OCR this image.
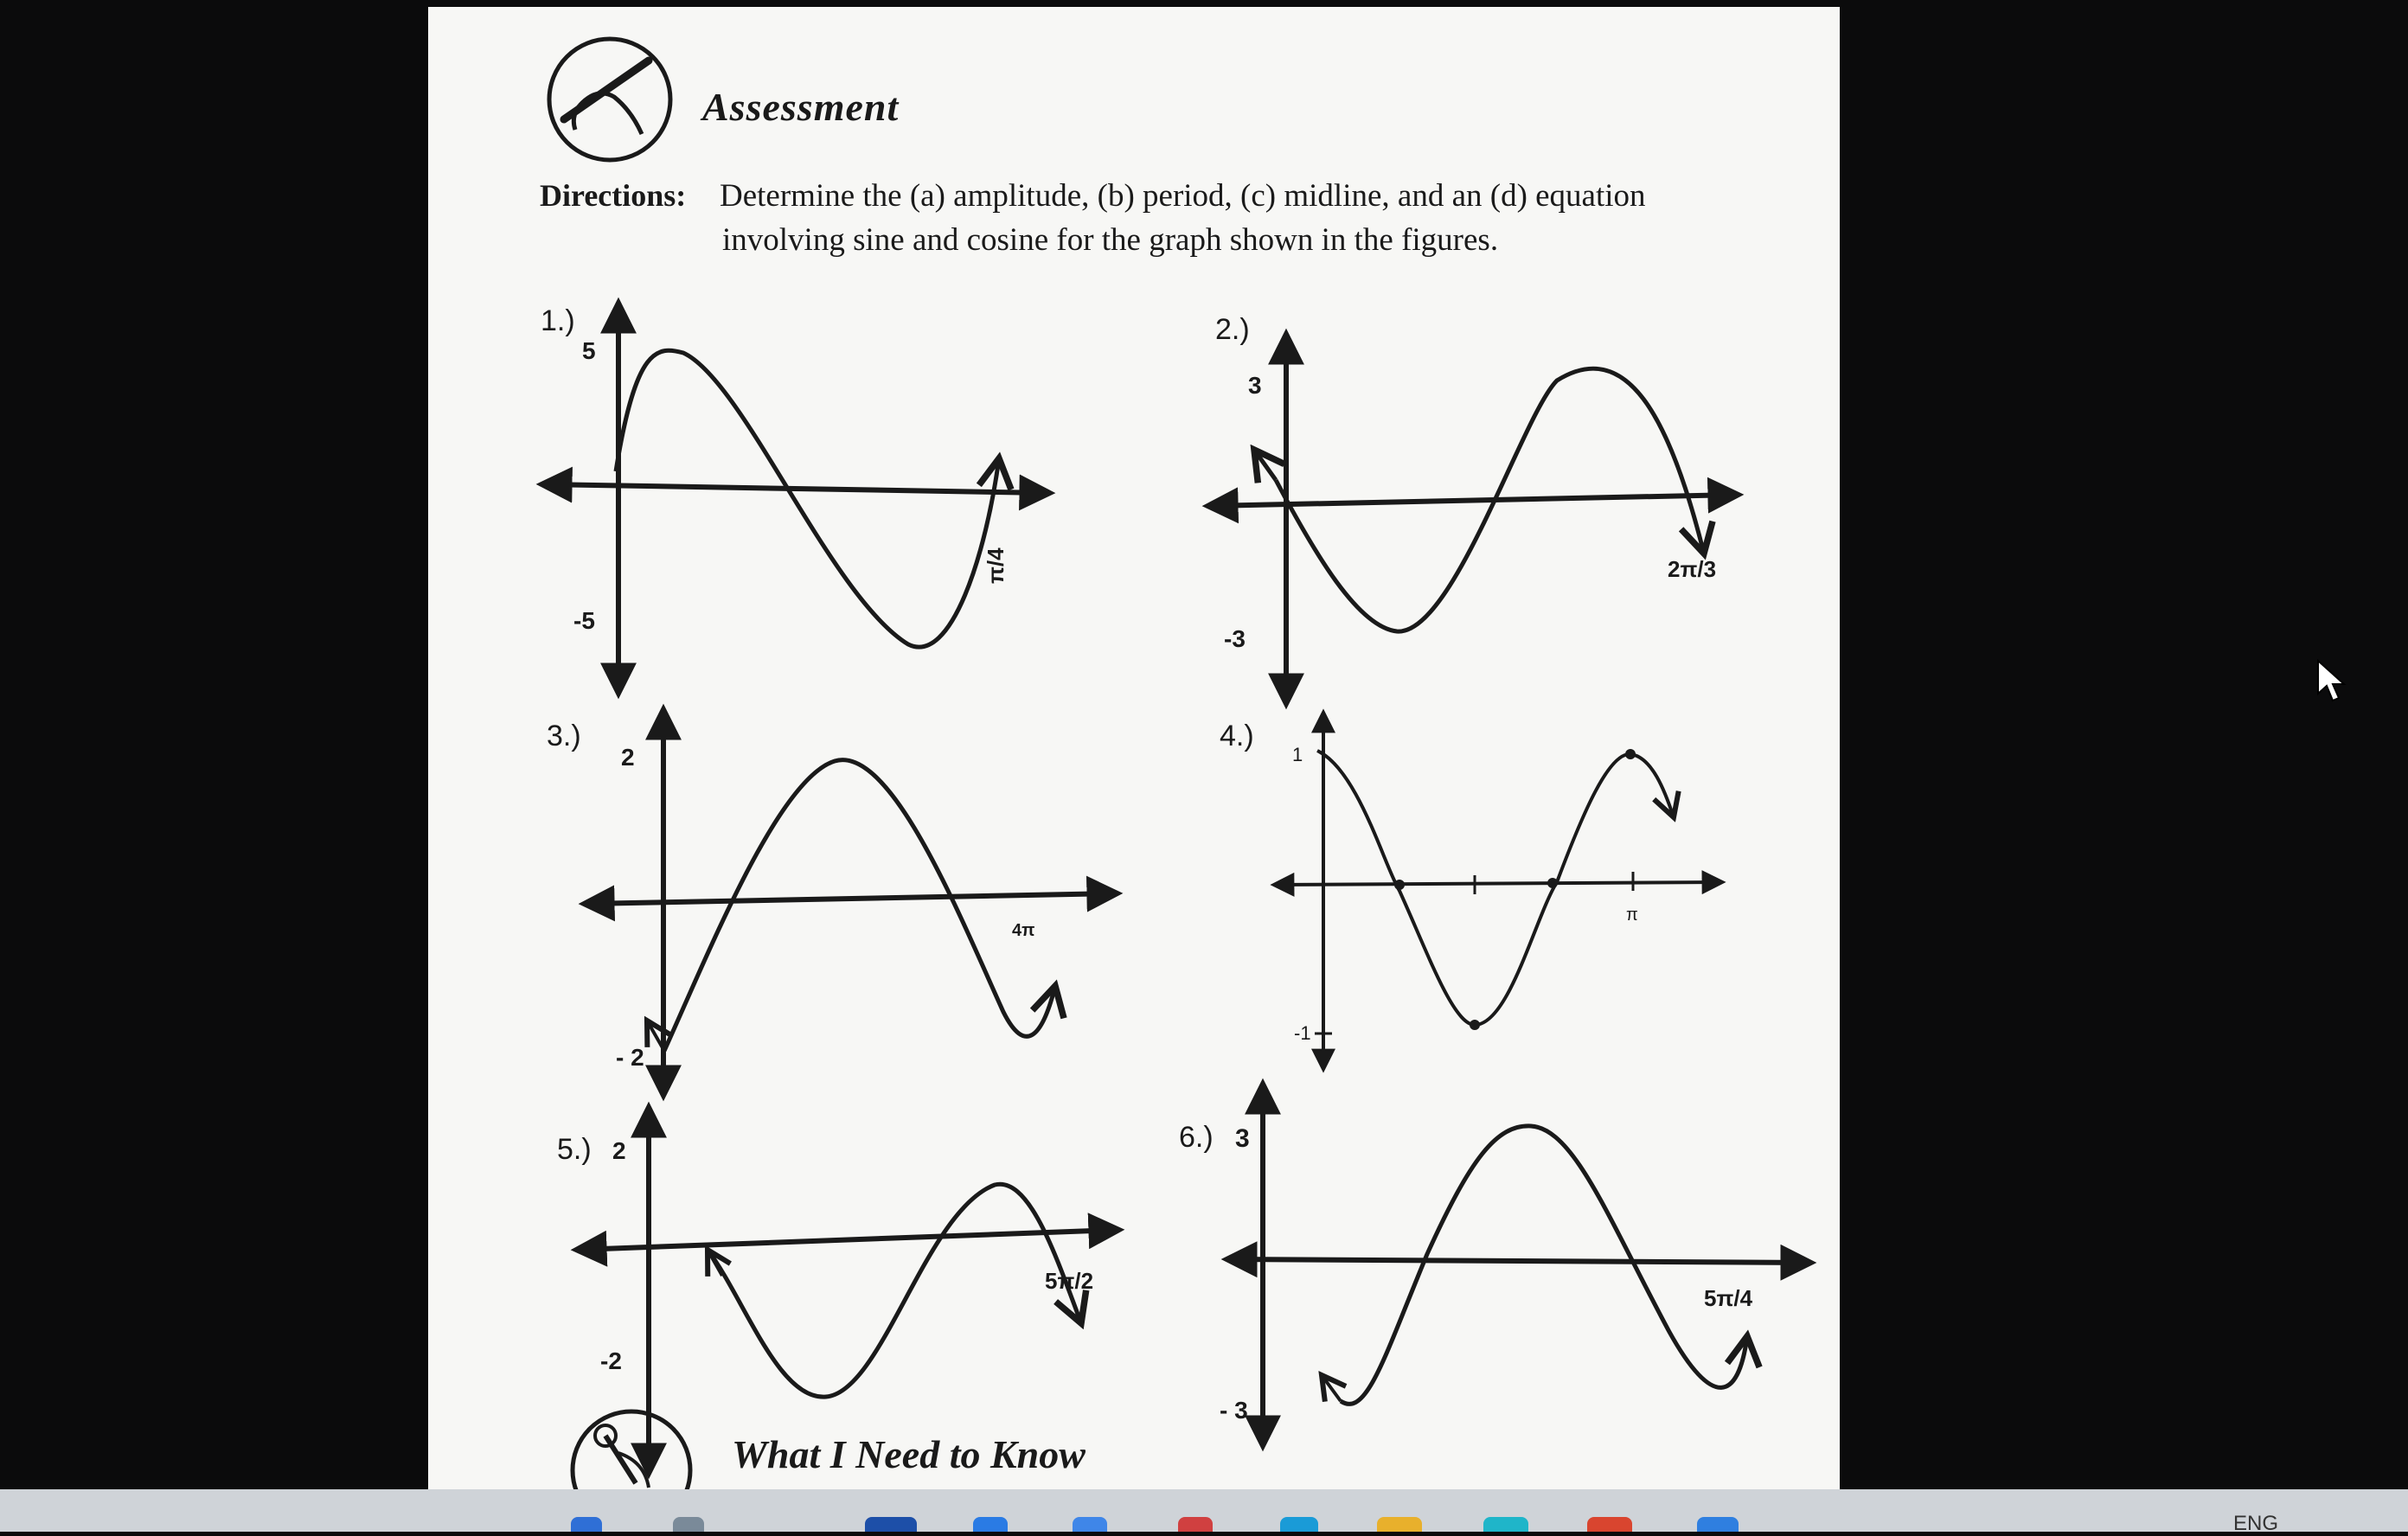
Assessment
Directions: Determine the (a) amplitude, (b) period, (c) midline, and an (d) equation
involving sine and cosine for the graph shown in the figures.
1.)
5
-5
π/4
2.)
3
-3
2π/3
3.)
2
- 2
4π
4.)
1
-1
π
5.) 2
-2
5π/2
6.) 3
- 3
5π/4
What I Need to Know
ENG
